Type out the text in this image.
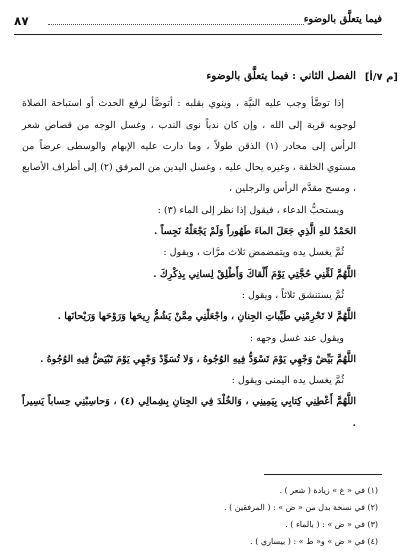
فيما يتعلَّق بالوضوء
٨٧
[م ٧/أ]

الفصل الثاني : فيما يتعلَّق بالوضوء

إذا توضَّأ وجب عليه النيَّة ، وينوي بقلبه : أتوضَّأ لرفع الحدث أو استباحة الصلاة لوجوبه قربة إلى الله ، وإن كان ندباً نوى الندب ، وغسل الوجه من قصاص شعر الرأس إلى محادر (١) الذقن طولاً ، وما دارت عليه الإبهام والوسطى عرضاً من مستوي الخلقة ، وغيره يحال عليه ، وغسل اليدين من المرفق (٢) إلى أطراف الأصابع ، ومسح مقدَّم الرأس والرجلين ،

ويستحبُّ الدعاء ، فيقول إذا نظر إلى الماء (٣) :

الحَمْدُ للهِ الَّذِي جَعَلَ الماءَ طَهُوراً وَلَمْ يَجْعَلْهُ نَجِساً .

ثُمَّ يغسل يده ويتمضمض ثلاث مرَّات ، ويقول :

اللَّهُمَّ لَقِّنِي حُجَّتِي يَوْمَ أَلْقاكَ وَأَطْلِقْ لِسانِي بِذِكْرِكَ .

ثُمَّ يستنشق ثلاثاً ، ويقول :

اللَّهُمَّ لا تَحْرِمْنِي طَيِّباتِ الجِنانِ ، واجْعَلْنِي مِمَّنْ يَشُمُّ رِيحَها وَرَوْحَها وَرَيْحانَها .

ويقول عند غسل وجهه :

اللَّهُمَّ بَيِّضْ وَجْهِي يَوْمَ تَسْوَدُّ فِيهِ الوُجُوهُ ، وَلا تُسَوِّدْ وَجْهِي يَوْمَ تَبْيَضُّ فِيهِ الوُجُوهُ .

ثُمَّ يغسل يده اليمنى ويقول :

اللَّهُمَّ أَعْطِنِي كِتابِي بِيَمِينِي ، وَالخُلْدَ فِي الجِنانِ بِشِمالِي (٤) ، وَحاسِبْنِي حِساباً يَسِيراً .

(١) في « غ » زيادة ( شعر ) .
(٢) في نسخة بدل من « ض » : ( المرفقين ) .
(٣) في « ض » : ( بالماء ) .
(٤) في « ض » و« ط » : ( بيساري ) .
